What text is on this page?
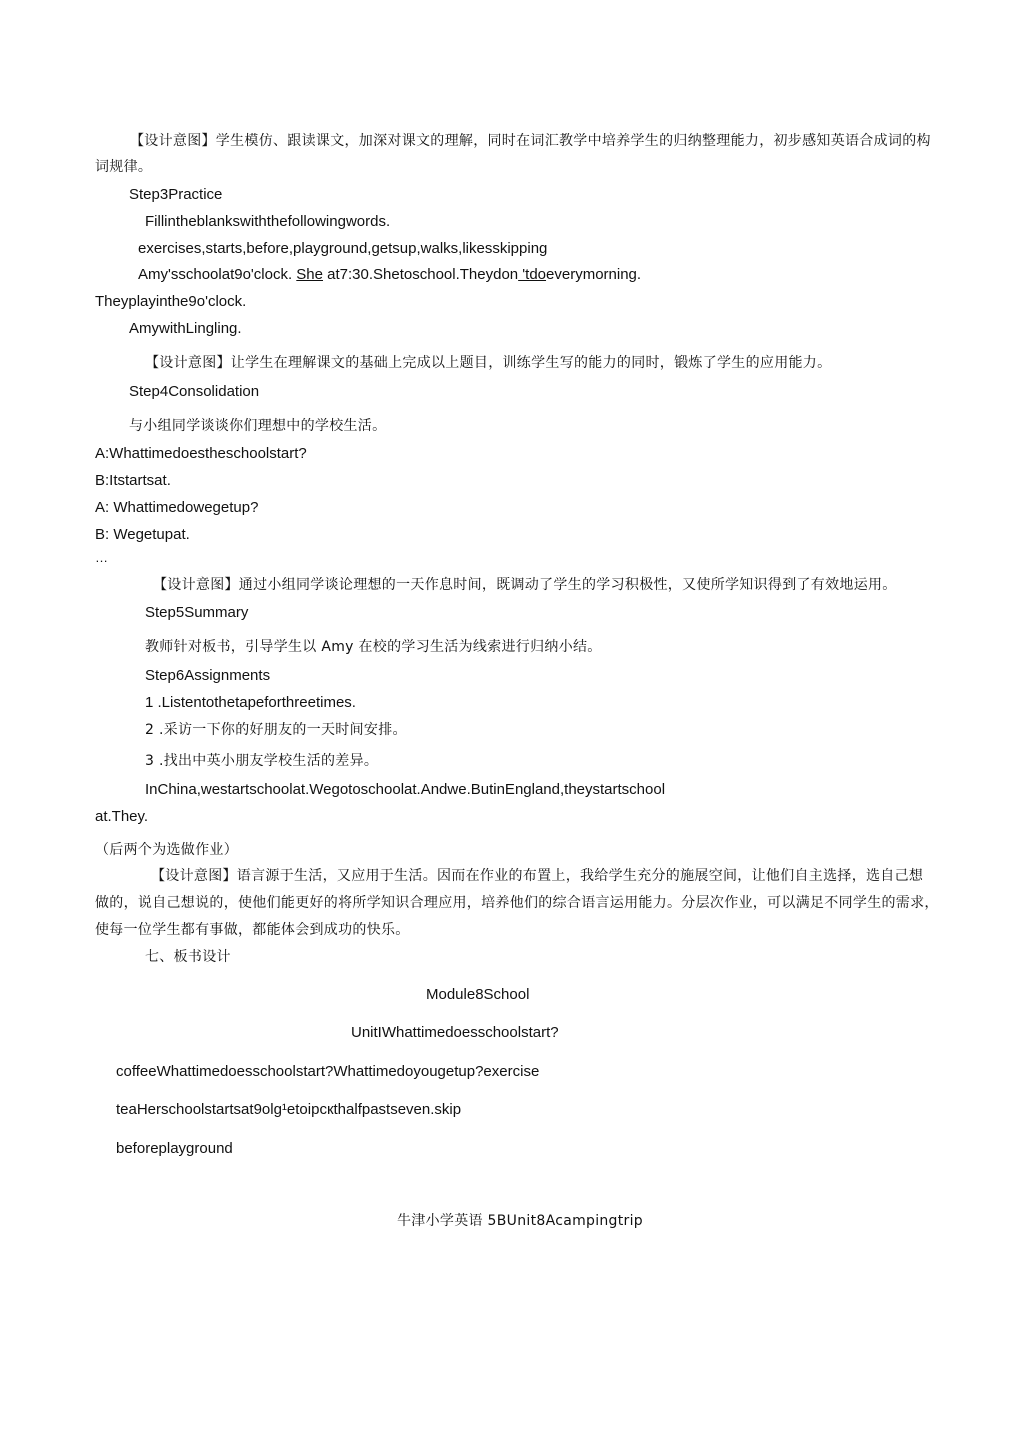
【设计意图】学生模仿、跟读课文，加深对课文的理解，同时在词汇教学中培养学生的归纳整理能力，初步感知英语合成词的构
词规律。
Step3Practice
Fillintheblankswiththefollowingwords.
exercises,starts,before,playground,getsup,walks,likesskipping
Amy'sschoolat9o'clock. She at7:30.Shetoschool.Theydon 'tdoeverymorning.
Theyplayinthe9o'clock.
AmywithLingling.
【设计意图】让学生在理解课文的基础上完成以上题目，训练学生写的能力的同时，锻炼了学生的应用能力。
Step4Consolidation
与小组同学谈谈你们理想中的学校生活。
A:Whattimedoestheschoolstart?
B:Itstartsat.
A: Whattimedowegetup?
B: Wegetupat.
…
【设计意图】通过小组同学谈论理想的一天作息时间，既调动了学生的学习积极性，又使所学知识得到了有效地运用。
Step5Summary
教师针对板书，引导学生以 Amy 在校的学习生活为线索进行归纳小结。
Step6Assignments
1 .Listentothetapeforthreetimes.
2 .采访一下你的好朋友的一天时间安排。
3 .找出中英小朋友学校生活的差异。
InChina,westartschoolat.Wegotoschoolat.Andwe.ButinEngland,theystartschool
at.They.
（后两个为选做作业）
【设计意图】语言源于生活，又应用于生活。因而在作业的布置上，我给学生充分的施展空间，让他们自主选择，选自己想
做的，说自己想说的，使他们能更好的将所学知识合理应用，培养他们的综合语言运用能力。分层次作业，可以满足不同学生的需求，
使每一位学生都有事做，都能体会到成功的快乐。
七、板书设计
Module8School
UnitIWhattimedoesschoolstart?
coffeeWhattimedoesschoolstart?Whattimedoyougetup?exercise
teaHerschoolstartsat9olg¹etoipcкthalfpastseven.skip
beforeplayground
牛津小学英语 5BUnit8Acampingtrip
